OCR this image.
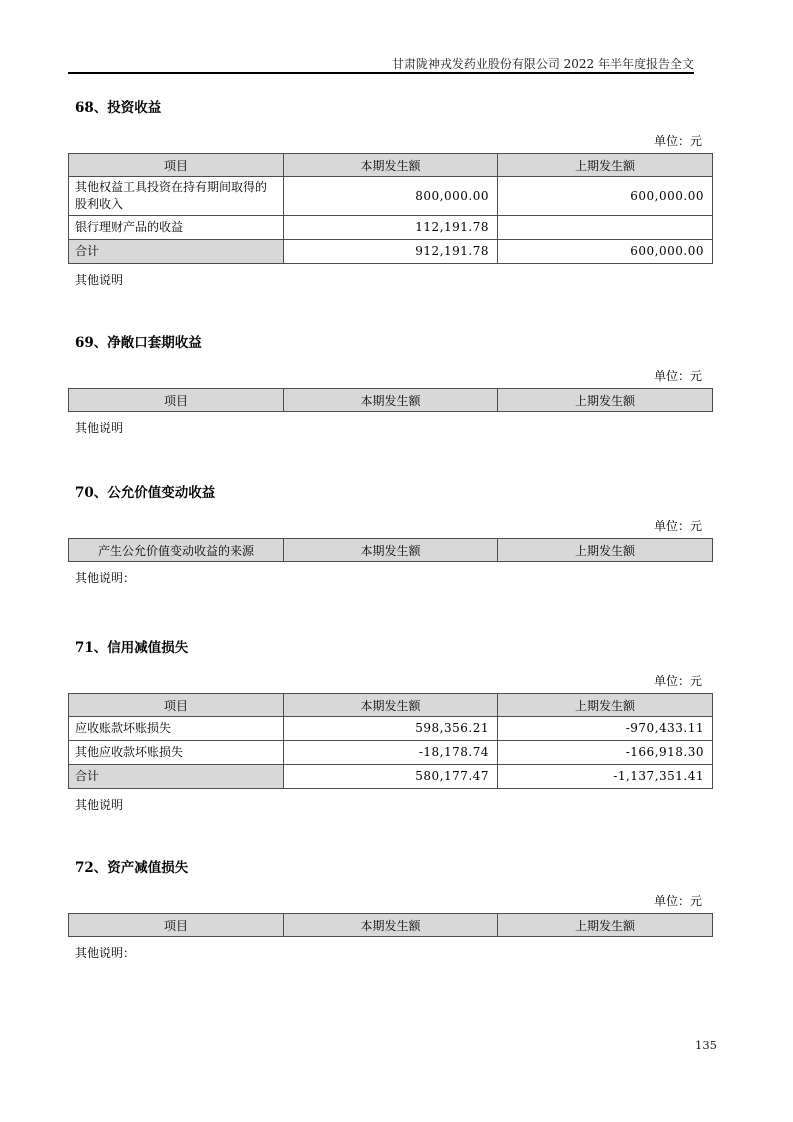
甘肃陇神戎发药业股份有限公司 2022 年半年度报告全文
68、投资收益
单位：元
项目	本期发生额	上期发生额
其他权益工具投资在持有期间取得的股利收入	800,000.00	600,000.00
银行理财产品的收益	112,191.78	
合计	912,191.78	600,000.00
其他说明
69、净敞口套期收益
单位：元
项目	本期发生额	上期发生额
其他说明
70、公允价值变动收益
单位：元
产生公允价值变动收益的来源	本期发生额	上期发生额
其他说明：
71、信用减值损失
单位：元
项目	本期发生额	上期发生额
应收账款坏账损失	598,356.21	-970,433.11
其他应收款坏账损失	-18,178.74	-166,918.30
合计	580,177.47	-1,137,351.41
其他说明
72、资产减值损失
单位：元
项目	本期发生额	上期发生额
其他说明：
135
